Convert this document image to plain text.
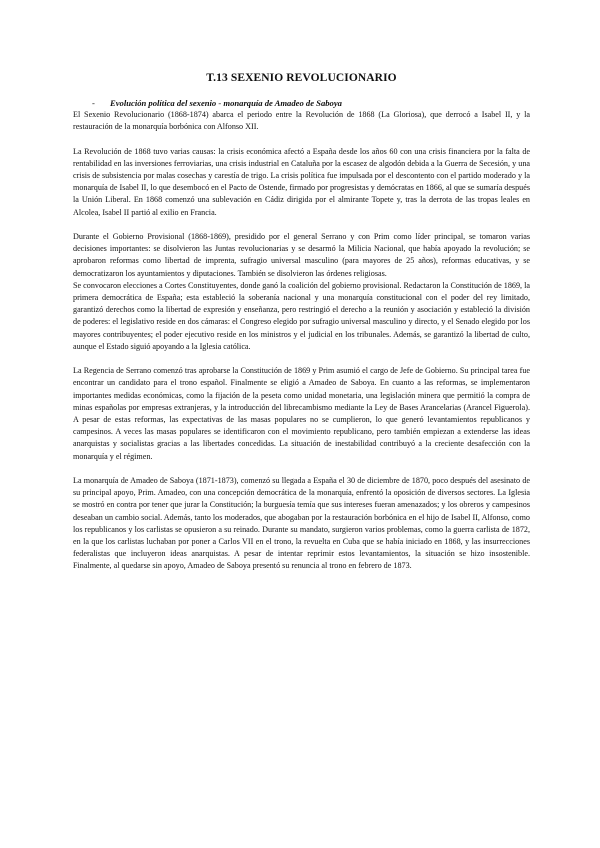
T.13 SEXENIO REVOLUCIONARIO
-	Evolución política del sexenio - monarquía de Amadeo de Saboya

El Sexenio Revolucionario (1868-1874) abarca el periodo entre la Revolución de 1868 (La Gloriosa), que derrocó a Isabel II, y la restauración de la monarquía borbónica con Alfonso XII.

La Revolución de 1868 tuvo varias causas: la crisis económica afectó a España desde los años 60 con una crisis financiera por la falta de rentabilidad en las inversiones ferroviarias, una crisis industrial en Cataluña por la escasez de algodón debida a la Guerra de Secesión, y una crisis de subsistencia por malas cosechas y carestía de trigo. La crisis política fue impulsada por el descontento con el partido moderado y la monarquía de Isabel II, lo que desembocó en el Pacto de Ostende, firmado por progresistas y demócratas en 1866, al que se sumaría después la Unión Liberal. En 1868 comenzó una sublevación en Cádiz dirigida por el almirante Topete y, tras la derrota de las tropas leales en Alcolea, Isabel II partió al exilio en Francia.

Durante el Gobierno Provisional (1868-1869), presidido por el general Serrano y con Prim como líder principal, se tomaron varias decisiones importantes: se disolvieron las Juntas revolucionarias y se desarmó la Milicia Nacional, que había apoyado la revolución; se aprobaron reformas como libertad de imprenta, sufragio universal masculino (para mayores de 25 años), reformas educativas, y se democratizaron los ayuntamientos y diputaciones. También se disolvieron las órdenes religiosas.

Se convocaron elecciones a Cortes Constituyentes, donde ganó la coalición del gobierno provisional. Redactaron la Constitución de 1869, la primera democrática de España; esta estableció la soberanía nacional y una monarquía constitucional con el poder del rey limitado, garantizó derechos como la libertad de expresión y enseñanza, pero restringió el derecho a la reunión y asociación y estableció la división de poderes: el legislativo reside en dos cámaras: el Congreso elegido por sufragio universal masculino y directo, y el Senado elegido por los mayores contribuyentes; el poder ejecutivo reside en los ministros y el judicial en los tribunales. Además, se garantizó la libertad de culto, aunque el Estado siguió apoyando a la Iglesia católica.

La Regencia de Serrano comenzó tras aprobarse la Constitución de 1869 y Prim asumió el cargo de Jefe de Gobierno. Su principal tarea fue encontrar un candidato para el trono español. Finalmente se eligió a Amadeo de Saboya. En cuanto a las reformas, se implementaron importantes medidas económicas, como la fijación de la peseta como unidad monetaria, una legislación minera que permitió la compra de minas españolas por empresas extranjeras, y la introducción del librecambismo mediante la Ley de Bases Arancelarias (Arancel Figuerola). A pesar de estas reformas, las expectativas de las masas populares no se cumplieron, lo que generó levantamientos republicanos y campesinos. A veces las masas populares se identificaron con el movimiento republicano, pero también empiezan a extenderse las ideas anarquistas y socialistas gracias a las libertades concedidas. La situación de inestabilidad contribuyó a la creciente desafección con la monarquía y el régimen.

La monarquía de Amadeo de Saboya (1871-1873), comenzó su llegada a España el 30 de diciembre de 1870, poco después del asesinato de su principal apoyo, Prim. Amadeo, con una concepción democrática de la monarquía, enfrentó la oposición de diversos sectores. La Iglesia se mostró en contra por tener que jurar la Constitución; la burguesía temía que sus intereses fueran amenazados; y los obreros y campesinos deseaban un cambio social. Además, tanto los moderados, que abogaban por la restauración borbónica en el hijo de Isabel II, Alfonso, como los republicanos y los carlistas se opusieron a su reinado. Durante su mandato, surgieron varios problemas, como la guerra carlista de 1872, en la que los carlistas luchaban por poner a Carlos VII en el trono, la revuelta en Cuba que se había iniciado en 1868, y las insurrecciones federalistas que incluyeron ideas anarquistas. A pesar de intentar reprimir estos levantamientos, la situación se hizo insostenible. Finalmente, al quedarse sin apoyo, Amadeo de Saboya presentó su renuncia al trono en febrero de 1873.
